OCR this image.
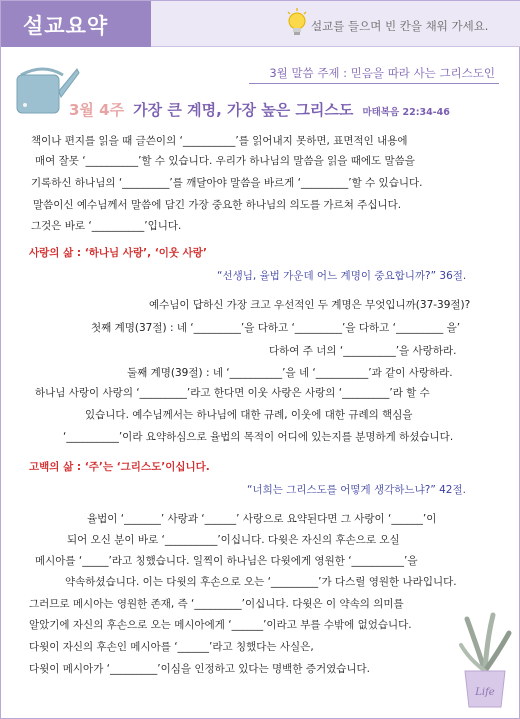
설교요약	설교를 들으며 빈 칸을 채워 가세요.
3월 말씀 주제 : 믿음을 따라 사는 그리스도인
3월 4주 가장 큰 계명, 가장 높은 그리스도 마태복음 22:34-46
책이나 편지를 읽을 때 글쓴이의 ‘__________’를 읽어내지 못하면, 표면적인 내용에
매여 잘못 ‘__________’할 수 있습니다. 우리가 하나님의 말씀을 읽을 때에도 말씀을
기록하신 하나님의 ‘_________’를 깨달아야 말씀을 바르게 ‘_________’할 수 있습니다.
말씀이신 예수님께서 말씀에 담긴 가장 중요한 하나님의 의도를 가르쳐 주십니다.
그것은 바로 ‘__________’입니다.
사랑의 삶 : ‘하나님 사랑’, ‘이웃 사랑’
“선생님, 율법 가운데 어느 계명이 중요합니까?” 36절.
예수님이 답하신 가장 크고 우선적인 두 계명은 무엇입니까(37-39절)?
첫째 계명(37절) : 네 ‘_________’을 다하고 ‘_________’을 다하고 ‘_________ 을’
다하여 주 너의 ‘__________’을 사랑하라.
둘째 계명(39절) : 네 ‘__________’을 네 ‘__________’과 같이 사랑하라.
하나님 사랑이 사랑의 ‘_________’라고 한다면 이웃 사랑은 사랑의 ‘_________’라 할 수
있습니다. 예수님께서는 하나님에 대한 규례, 이웃에 대한 규례의 핵심을
‘__________’이라 요약하심으로 율법의 목적이 어디에 있는지를 분명하게 하셨습니다.
고백의 삶 : ‘주’는 ‘그리스도’이십니다.
“너희는 그리스도를 어떻게 생각하느냐?” 42절.
율법이 ‘_______’ 사랑과 ‘______’ 사랑으로 요약된다면 그 사랑이 ‘______’이
되어 오신 분이 바로 ‘__________’이십니다. 다윗은 자신의 후손으로 오실
메시아를 ‘_____’라고 칭했습니다. 일찍이 하나님은 다윗에게 영원한 ‘__________’을
약속하셨습니다. 이는 다윗의 후손으로 오는 ‘_________’가 다스릴 영원한 나라입니다.
그러므로 메시아는 영원한 존재, 즉 ‘_________’이십니다. 다윗은 이 약속의 의미를
알았기에 자신의 후손으로 오는 메시아에게 ‘______’이라고 부를 수밖에 없었습니다.
다윗이 자신의 후손인 메시아를 ‘______’라고 칭했다는 사실은,
다윗이 메시아가 ‘_________’이심을 인정하고 있다는 명백한 증거였습니다.
Life
